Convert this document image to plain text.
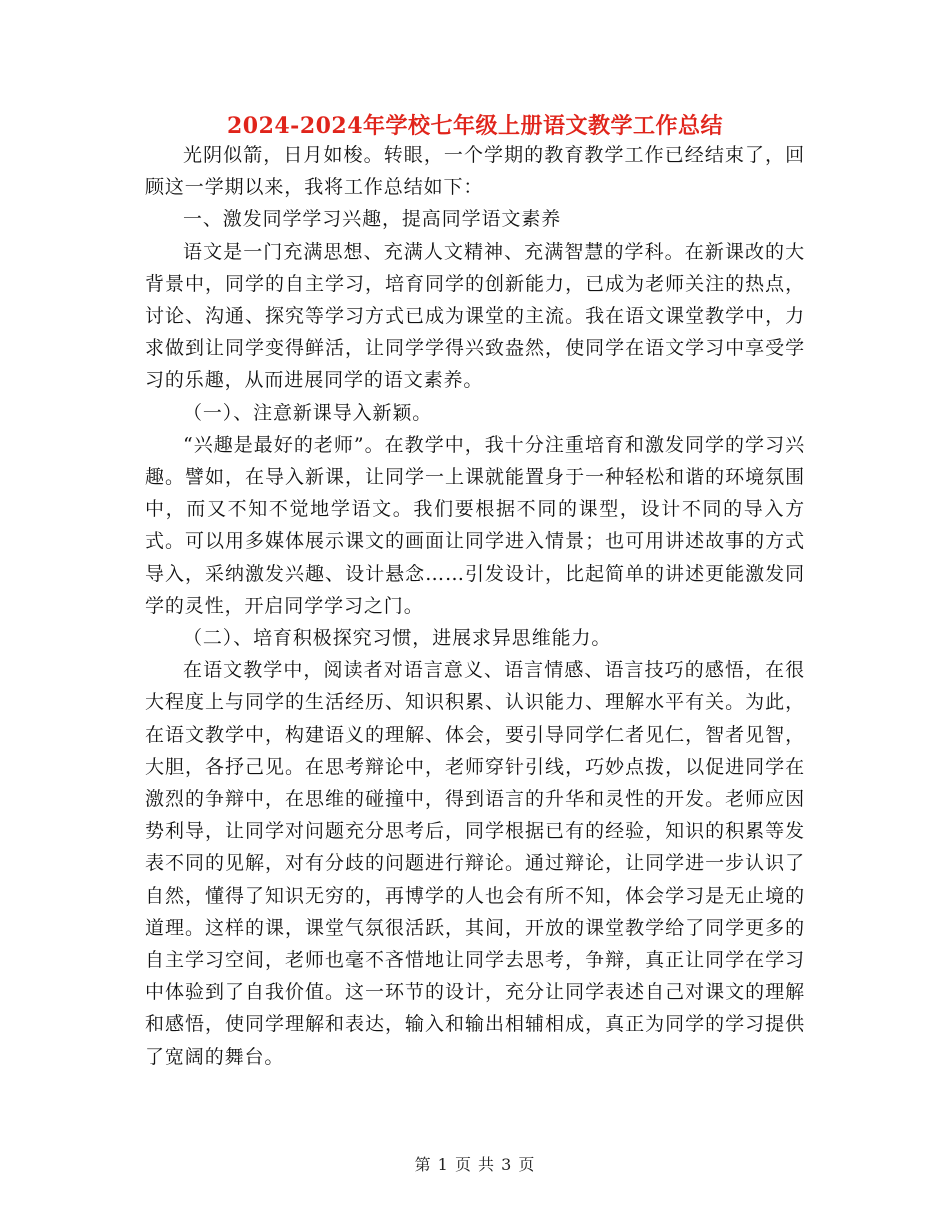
2024-2024年学校七年级上册语文教学工作总结

光阴似箭，日月如梭。转眼，一个学期的教育教学工作已经结束了，回顾这一学期以来，我将工作总结如下：

一、激发同学学习兴趣，提高同学语文素养

语文是一门充满思想、充满人文精神、充满智慧的学科。在新课改的大背景中，同学的自主学习，培育同学的创新能力，已成为老师关注的热点，讨论、沟通、探究等学习方式已成为课堂的主流。我在语文课堂教学中，力求做到让同学变得鲜活，让同学学得兴致盎然，使同学在语文学习中享受学习的乐趣，从而进展同学的语文素养。

（一）、注意新课导入新颖。

“兴趣是最好的老师”。在教学中，我十分注重培育和激发同学的学习兴趣。譬如，在导入新课，让同学一上课就能置身于一种轻松和谐的环境氛围中，而又不知不觉地学语文。我们要根据不同的课型，设计不同的导入方式。可以用多媒体展示课文的画面让同学进入情景；也可用讲述故事的方式导入，采纳激发兴趣、设计悬念……引发设计，比起简单的讲述更能激发同学的灵性，开启同学学习之门。

（二）、培育积极探究习惯，进展求异思维能力。

在语文教学中，阅读者对语言意义、语言情感、语言技巧的感悟，在很大程度上与同学的生活经历、知识积累、认识能力、理解水平有关。为此，在语文教学中，构建语义的理解、体会，要引导同学仁者见仁，智者见智，大胆，各抒己见。在思考辩论中，老师穿针引线，巧妙点拨，以促进同学在激烈的争辩中，在思维的碰撞中，得到语言的升华和灵性的开发。老师应因势利导，让同学对问题充分思考后，同学根据已有的经验，知识的积累等发表不同的见解，对有分歧的问题进行辩论。通过辩论，让同学进一步认识了自然，懂得了知识无穷的，再博学的人也会有所不知，体会学习是无止境的道理。这样的课，课堂气氛很活跃，其间，开放的课堂教学给了同学更多的自主学习空间，老师也毫不吝惜地让同学去思考，争辩，真正让同学在学习中体验到了自我价值。这一环节的设计，充分让同学表述自己对课文的理解和感悟，使同学理解和表达，输入和输出相辅相成，真正为同学的学习提供了宽阔的舞台。

第 1 页 共 3 页
